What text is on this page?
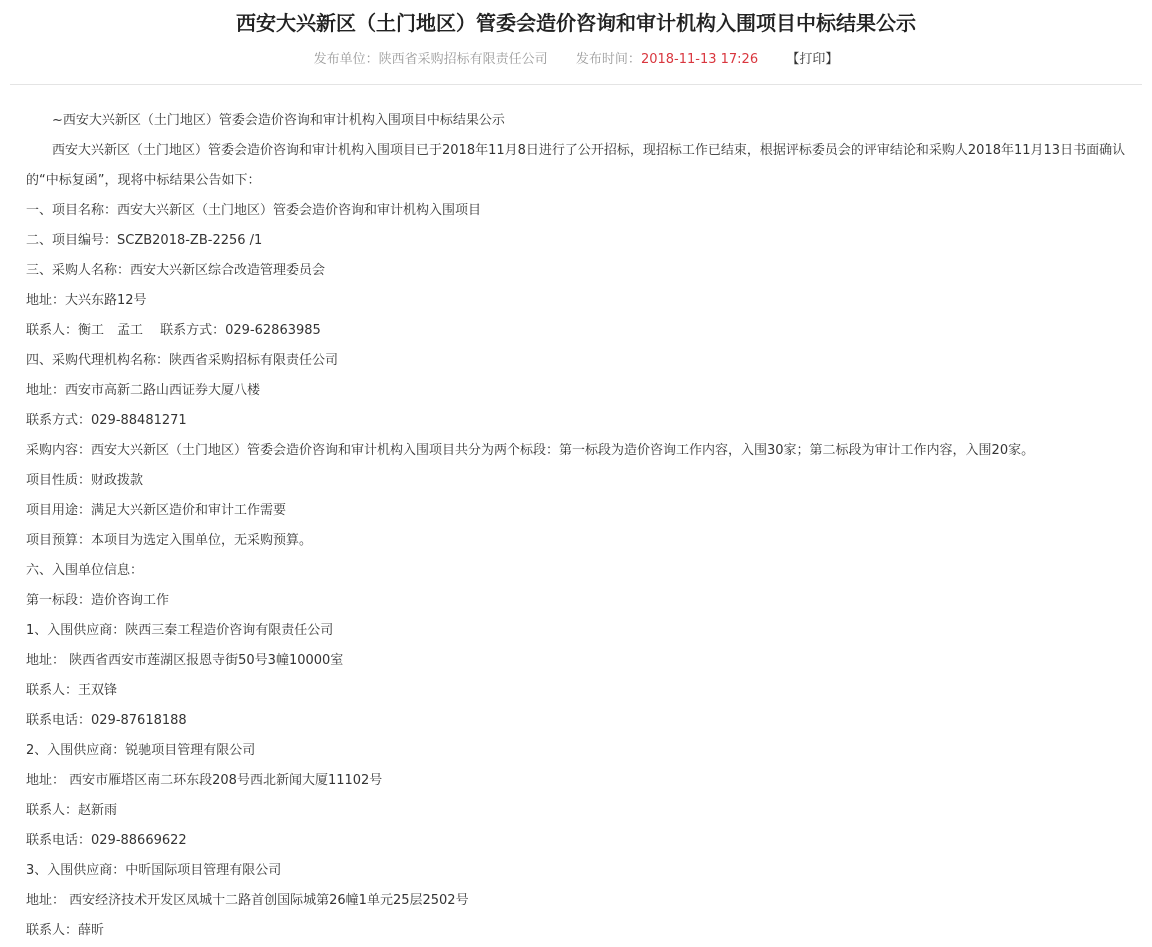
西安大兴新区（土门地区）管委会造价咨询和审计机构入围项目中标结果公示
发布单位：陕西省采购招标有限责任公司 发布时间：2018-11-13 17:26 【打印】

~西安大兴新区（土门地区）管委会造价咨询和审计机构入围项目中标结果公示

西安大兴新区（土门地区）管委会造价咨询和审计机构入围项目已于2018年11月8日进行了公开招标，现招标工作已结束，根据评标委员会的评审结论和采购人2018年11月13日书面确认的“中标复函”，现将中标结果公告如下：

一、项目名称：西安大兴新区（土门地区）管委会造价咨询和审计机构入围项目

二、项目编号：SCZB2018-ZB-2256 /1

三、采购人名称：西安大兴新区综合改造管理委员会

地址：大兴东路12号

联系人：衡工　孟工　 联系方式：029-62863985

四、采购代理机构名称：陕西省采购招标有限责任公司

地址：西安市高新二路山西证券大厦八楼

联系方式：029-88481271

采购内容：西安大兴新区（土门地区）管委会造价咨询和审计机构入围项目共分为两个标段：第一标段为造价咨询工作内容，入围30家；第二标段为审计工作内容，入围20家。

项目性质：财政拨款

项目用途：满足大兴新区造价和审计工作需要

项目预算：本项目为选定入围单位，无采购预算。

六、入围单位信息：

第一标段：造价咨询工作

1、入围供应商：陕西三秦工程造价咨询有限责任公司

地址： 陕西省西安市莲湖区报恩寺街50号3幢10000室

联系人：王双锋

联系电话：029-87618188

2、入围供应商：锐驰项目管理有限公司

地址： 西安市雁塔区南二环东段208号西北新闻大厦11102号

联系人：赵新雨

联系电话：029-88669622

3、入围供应商：中昕国际项目管理有限公司

地址： 西安经济技术开发区凤城十二路首创国际城第26幢1单元25层2502号

联系人：薛昕
